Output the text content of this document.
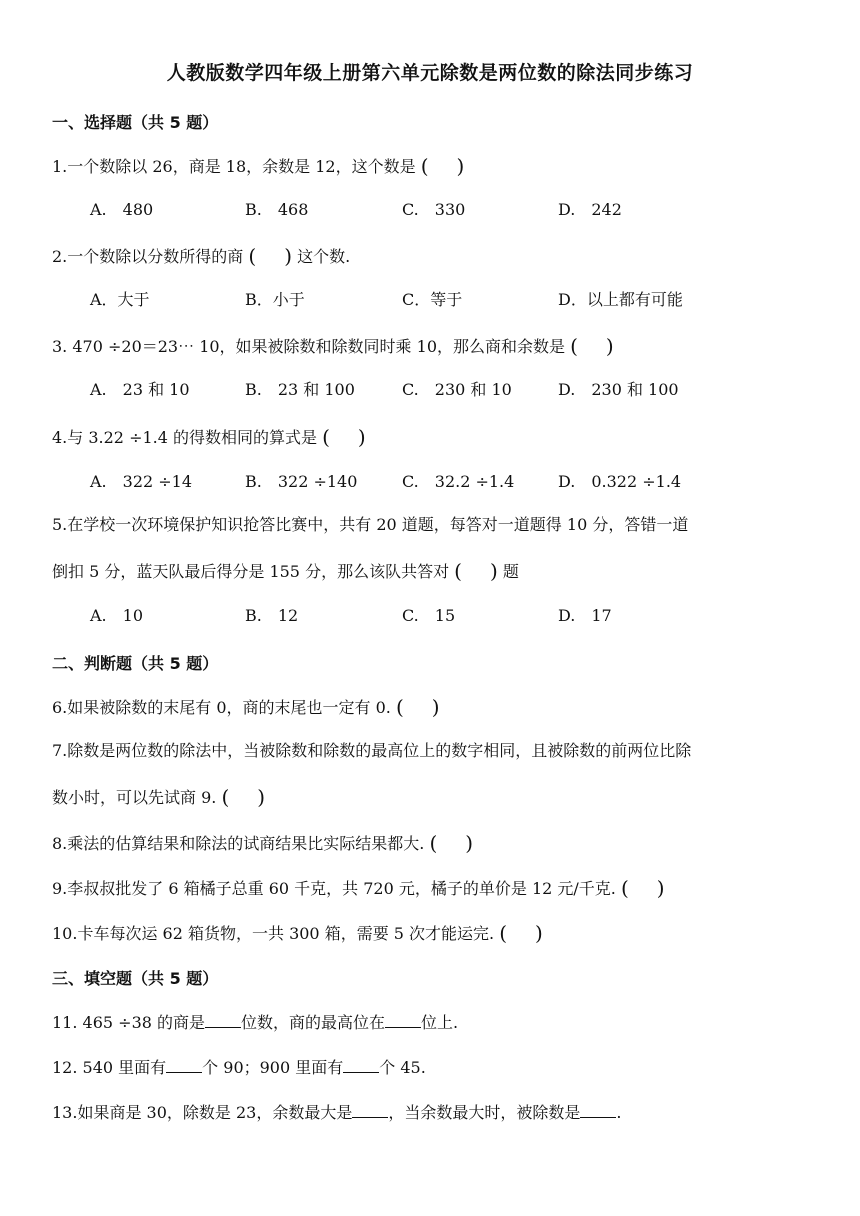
人教版数学四年级上册第六单元除数是两位数的除法同步练习
一、选择题（共 5 题）
1.一个数除以 26，商是 18，余数是 12，这个数是 ( )
A. 480	B. 468	C. 330	D. 242
2.一个数除以分数所得的商 ( ) 这个数.
A．大于	B．小于	C．等于	D．以上都有可能
3. 470 ÷20＝23⋯ 10，如果被除数和除数同时乘 10，那么商和余数是 ( )
A. 23 和 10	B. 23 和 100	C. 230 和 10	D. 230 和 100
4.与 3.22 ÷1.4 的得数相同的算式是 ( )
A. 322 ÷14	B. 322 ÷140	C. 32.2 ÷1.4	D. 0.322 ÷1.4
5.在学校一次环境保护知识抢答比赛中，共有 20 道题，每答对一道题得 10 分，答错一道
倒扣 5 分，蓝天队最后得分是 155 分，那么该队共答对 ( ) 题
A. 10	B. 12	C. 15	D. 17
二、判断题（共 5 题）
6.如果被除数的末尾有 0，商的末尾也一定有 0. ( )
7.除数是两位数的除法中，当被除数和除数的最高位上的数字相同，且被除数的前两位比除
数小时，可以先试商 9. ( )
8.乘法的估算结果和除法的试商结果比实际结果都大. ( )
9.李叔叔批发了 6 箱橘子总重 60 千克，共 720 元，橘子的单价是 12 元/千克. ( )
10.卡车每次运 62 箱货物，一共 300 箱，需要 5 次才能运完. ( )
三、填空题（共 5 题）
11. 465 ÷38 的商是 位数，商的最高位在 位上.
12. 540 里面有 个 90；900 里面有 个 45.
13.如果商是 30，除数是 23，余数最大是 ，当余数最大时，被除数是 .
